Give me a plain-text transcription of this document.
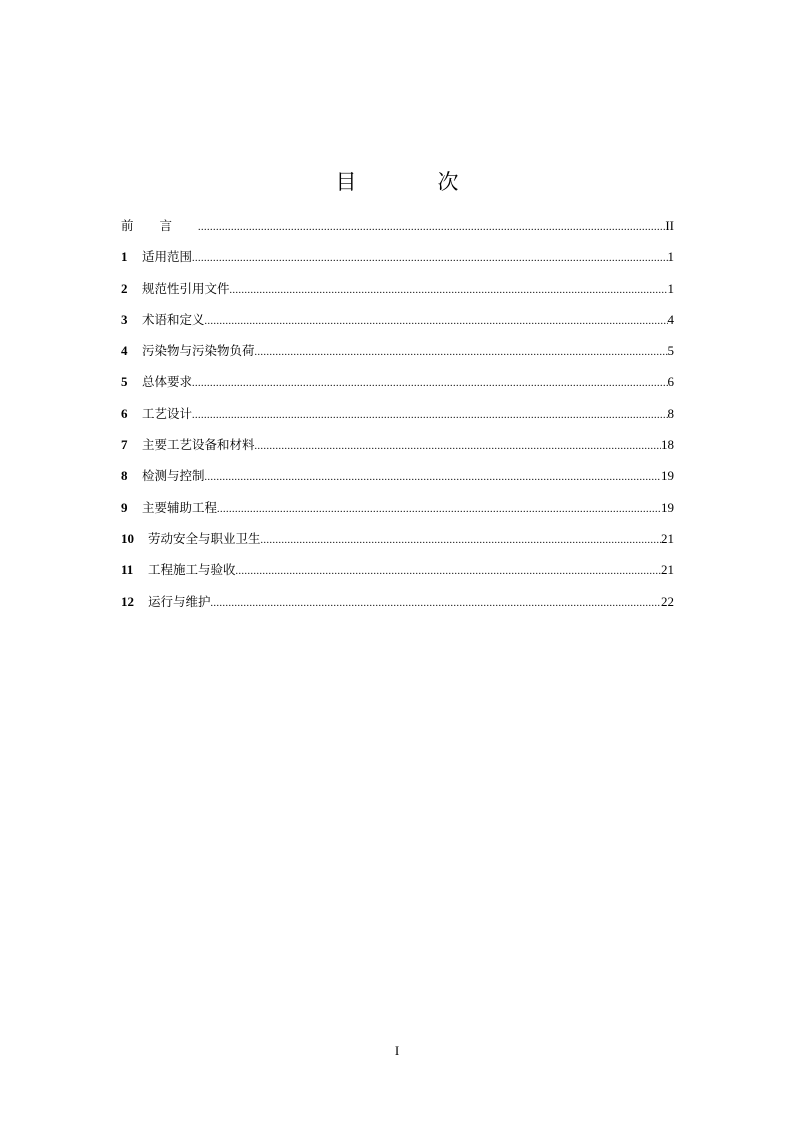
目　次
前言 .....	II
1	适用范围 .....	1
2	规范性引用文件 .....	1
3	术语和定义 .....	4
4	污染物与污染物负荷 .....	5
5	总体要求 .....	6
6	工艺设计 .....	8
7	主要工艺设备和材料 .....	18
8	检测与控制 .....	19
9	主要辅助工程 .....	19
10	劳动安全与职业卫生 .....	21
11	工程施工与验收 .....	21
12	运行与维护 .....	22
I
